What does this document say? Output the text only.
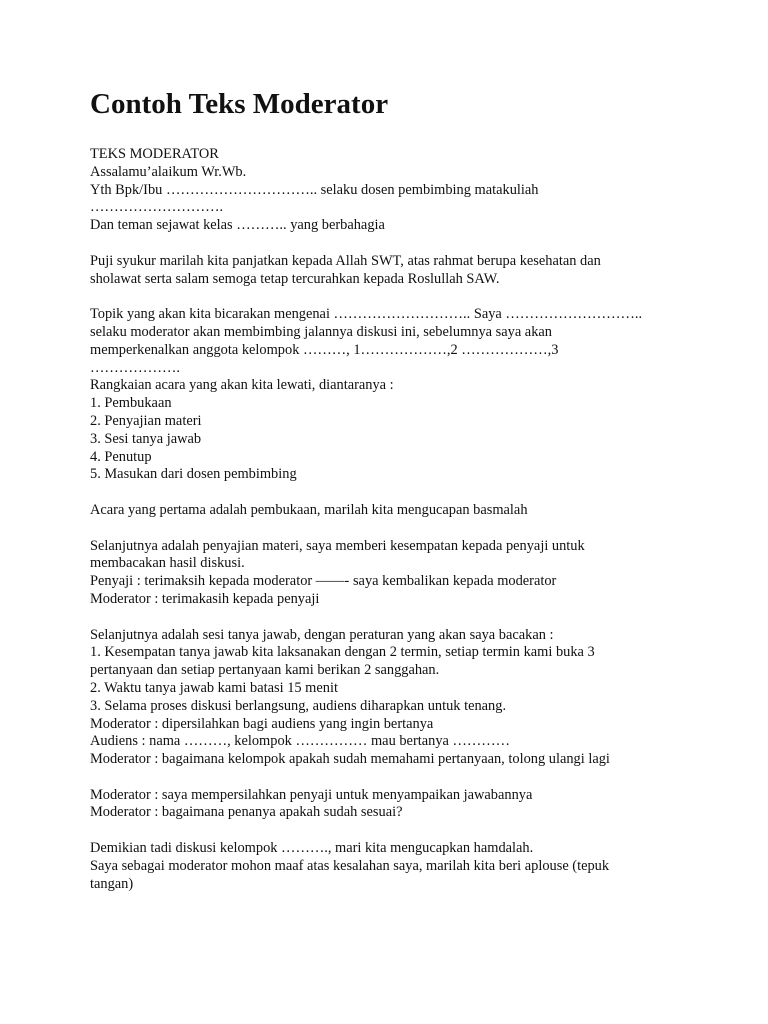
Contoh Teks Moderator
TEKS MODERATOR
Assalamu’alaikum Wr.Wb.
Yth Bpk/Ibu ………………………….. selaku dosen pembimbing matakuliah
……………………….
Dan teman sejawat kelas ……….. yang berbahagia
Puji syukur marilah kita panjatkan kepada Allah SWT, atas rahmat berupa kesehatan dan
sholawat serta salam semoga tetap tercurahkan kepada Roslullah SAW.
Topik yang akan kita bicarakan mengenai ……………………….. Saya ………………………..
selaku moderator akan membimbing jalannya diskusi ini, sebelumnya saya akan
memperkenalkan anggota kelompok ………, 1………………,2 ………………,3
……………….
Rangkaian acara yang akan kita lewati, diantaranya :
1. Pembukaan
2. Penyajian materi
3. Sesi tanya jawab
4. Penutup
5. Masukan dari dosen pembimbing
Acara yang pertama adalah pembukaan, marilah kita mengucapan basmalah
Selanjutnya adalah penyajian materi, saya memberi kesempatan kepada penyaji untuk
membacakan hasil diskusi.
Penyaji : terimaksih kepada moderator ——- saya kembalikan kepada moderator
Moderator : terimakasih kepada penyaji
Selanjutnya adalah sesi tanya jawab, dengan peraturan yang akan saya bacakan :
1. Kesempatan tanya jawab kita laksanakan dengan 2 termin, setiap termin kami buka 3
pertanyaan dan setiap pertanyaan kami berikan 2 sanggahan.
2. Waktu tanya jawab kami batasi 15 menit
3. Selama proses diskusi berlangsung, audiens diharapkan untuk tenang.
Moderator : dipersilahkan bagi audiens yang ingin bertanya
Audiens : nama ………, kelompok …………… mau bertanya …………
Moderator : bagaimana kelompok apakah sudah memahami pertanyaan, tolong ulangi lagi
Moderator : saya mempersilahkan penyaji untuk menyampaikan jawabannya
Moderator : bagaimana penanya apakah sudah sesuai?
Demikian tadi diskusi kelompok ………., mari kita mengucapkan hamdalah.
Saya sebagai moderator mohon maaf atas kesalahan saya, marilah kita beri aplouse (tepuk
tangan)
